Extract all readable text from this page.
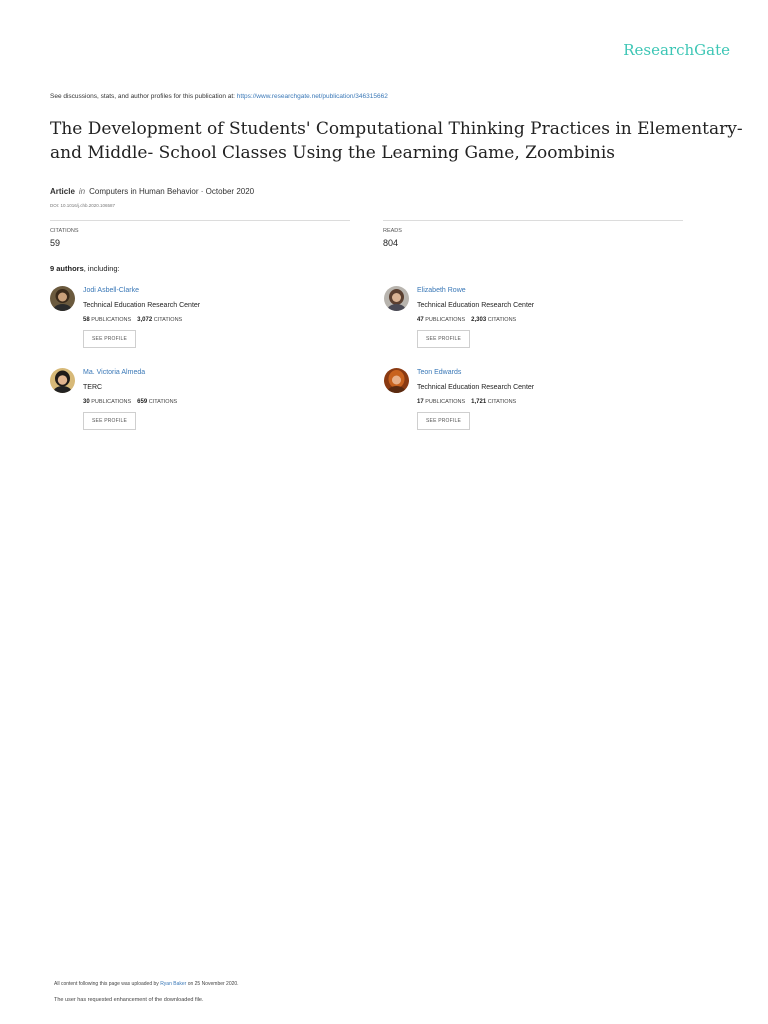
ResearchGate
See discussions, stats, and author profiles for this publication at: https://www.researchgate.net/publication/346315662
The Development of Students' Computational Thinking Practices in Elementary-and Middle- School Classes Using the Learning Game, Zoombinis
Article in Computers in Human Behavior · October 2020
DOI: 10.1016/j.chb.2020.106587
CITATIONS
59
READS
804
9 authors, including:
Jodi Asbell-Clarke
Technical Education Research Center
58 PUBLICATIONS 3,072 CITATIONS
SEE PROFILE
Elizabeth Rowe
Technical Education Research Center
47 PUBLICATIONS 2,303 CITATIONS
SEE PROFILE
Ma. Victoria Almeda
TERC
30 PUBLICATIONS 659 CITATIONS
SEE PROFILE
Teon Edwards
Technical Education Research Center
17 PUBLICATIONS 1,721 CITATIONS
SEE PROFILE
All content following this page was uploaded by Ryan Baker on 25 November 2020.
The user has requested enhancement of the downloaded file.
